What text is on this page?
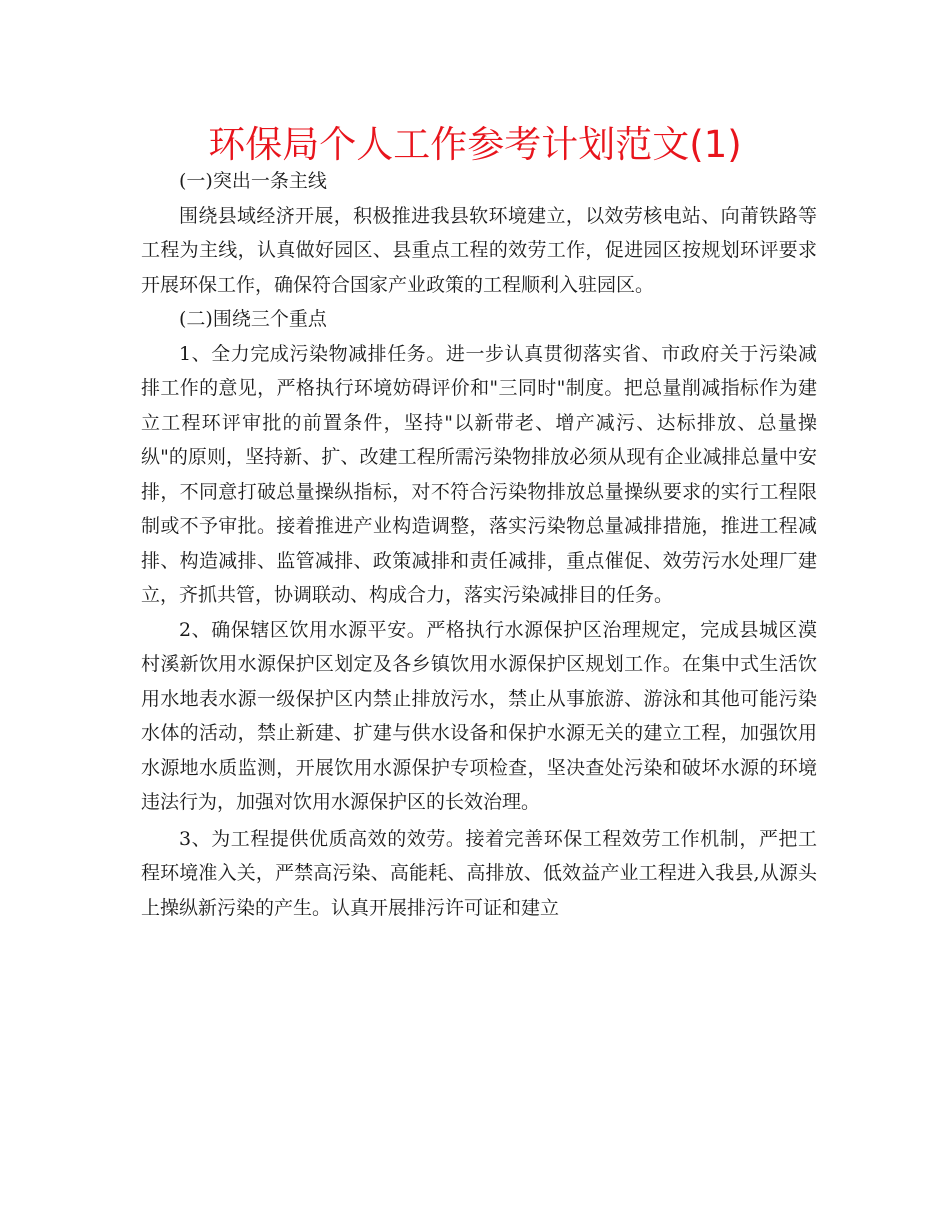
环保局个人工作参考计划范文(1)

(一)突出一条主线

围绕县域经济开展，积极推进我县软环境建立，以效劳核电站、向莆铁路等工程为主线，认真做好园区、县重点工程的效劳工作，促进园区按规划环评要求开展环保工作，确保符合国家产业政策的工程顺利入驻园区。

(二)围绕三个重点

1、全力完成污染物减排任务。进一步认真贯彻落实省、市政府关于污染减排工作的意见，严格执行环境妨碍评价和"三同时"制度。把总量削减指标作为建立工程环评审批的前置条件，坚持"以新带老、增产减污、达标排放、总量操纵"的原则，坚持新、扩、改建工程所需污染物排放必须从现有企业减排总量中安排，不同意打破总量操纵指标，对不符合污染物排放总量操纵要求的实行工程限制或不予审批。接着推进产业构造调整，落实污染物总量减排措施，推进工程减排、构造减排、监管减排、政策减排和责任减排，重点催促、效劳污水处理厂建立，齐抓共管，协调联动、构成合力，落实污染减排目的任务。

2、确保辖区饮用水源平安。严格执行水源保护区治理规定，完成县城区漠村溪新饮用水源保护区划定及各乡镇饮用水源保护区规划工作。在集中式生活饮用水地表水源一级保护区内禁止排放污水，禁止从事旅游、游泳和其他可能污染水体的活动，禁止新建、扩建与供水设备和保护水源无关的建立工程，加强饮用水源地水质监测，开展饮用水源保护专项检查，坚决查处污染和破坏水源的环境违法行为，加强对饮用水源保护区的长效治理。

3、为工程提供优质高效的效劳。接着完善环保工程效劳工作机制，严把工程环境准入关，严禁高污染、高能耗、高排放、低效益产业工程进入我县,从源头上操纵新污染的产生。认真开展排污许可证和建立
